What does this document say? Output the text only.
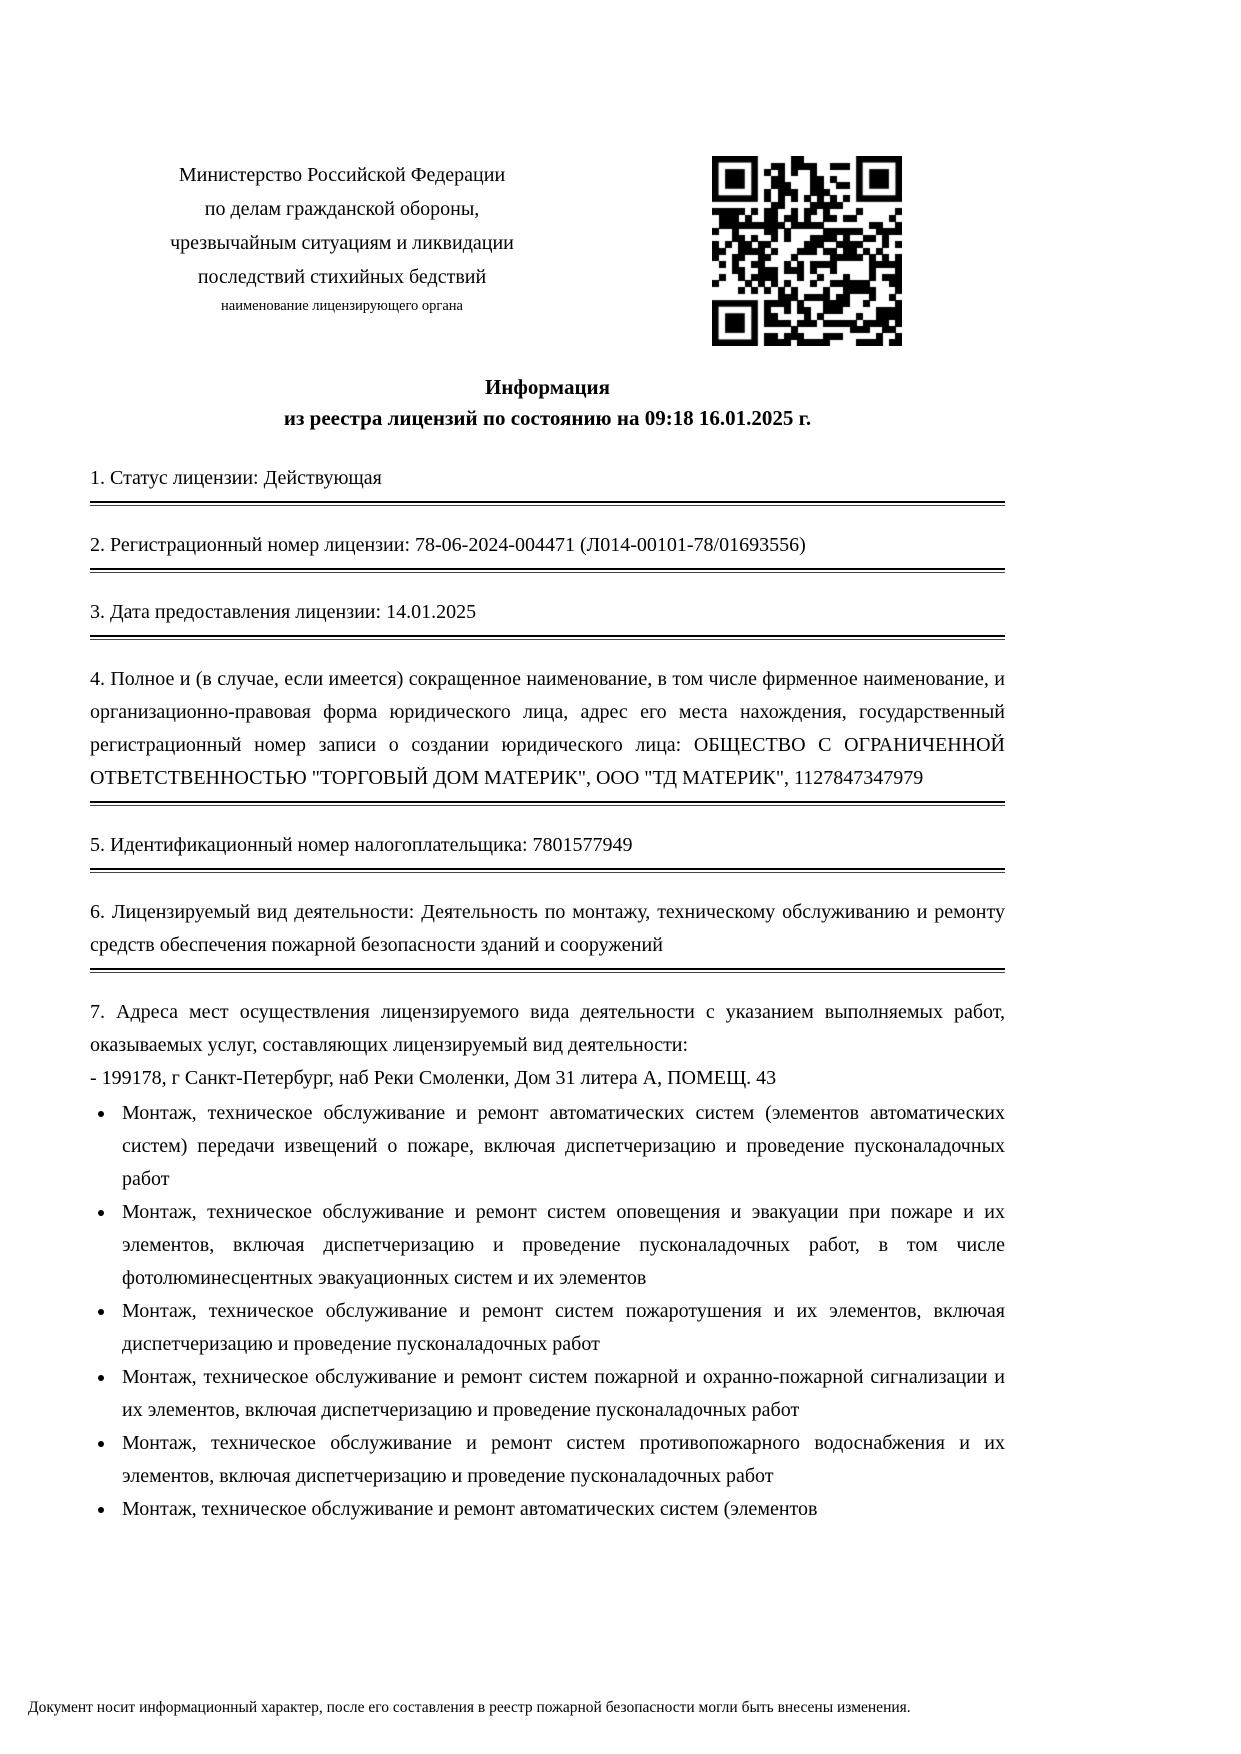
Министерство Российской Федерации
по делам гражданской обороны,
чрезвычайным ситуациям и ликвидации
последствий стихийных бедствий
наименование лицензирующего органа
Информация
из реестра лицензий по состоянию на 09:18 16.01.2025 г.

1. Статус лицензии: Действующая

2. Регистрационный номер лицензии: 78-06-2024-004471 (Л014-00101-78/01693556)

3. Дата предоставления лицензии: 14.01.2025

4. Полное и (в случае, если имеется) сокращенное наименование, в том числе фирменное наименование, и организационно-правовая форма юридического лица, адрес его места нахождения, государственный регистрационный номер записи о создании юридического лица: ОБЩЕСТВО С ОГРАНИЧЕННОЙ ОТВЕТСТВЕННОСТЬЮ "ТОРГОВЫЙ ДОМ МАТЕРИК", ООО "ТД МАТЕРИК", 1127847347979

5. Идентификационный номер налогоплательщика: 7801577949

6. Лицензируемый вид деятельности: Деятельность по монтажу, техническому обслуживанию и ремонту средств обеспечения пожарной безопасности зданий и сооружений

7. Адреса мест осуществления лицензируемого вида деятельности с указанием выполняемых работ, оказываемых услуг, составляющих лицензируемый вид деятельности:

- 199178, г Санкт-Петербург, наб Реки Смоленки, Дом 31 литера А, ПОМЕЩ. 43

• Монтаж, техническое обслуживание и ремонт автоматических систем (элементов автоматических систем) передачи извещений о пожаре, включая диспетчеризацию и проведение пусконаладочных работ
• Монтаж, техническое обслуживание и ремонт систем оповещения и эвакуации при пожаре и их элементов, включая диспетчеризацию и проведение пусконаладочных работ, в том числе фотолюминесцентных эвакуационных систем и их элементов
• Монтаж, техническое обслуживание и ремонт систем пожаротушения и их элементов, включая диспетчеризацию и проведение пусконаладочных работ
• Монтаж, техническое обслуживание и ремонт систем пожарной и охранно-пожарной сигнализации и их элементов, включая диспетчеризацию и проведение пусконаладочных работ
• Монтаж, техническое обслуживание и ремонт систем противопожарного водоснабжения и их элементов, включая диспетчеризацию и проведение пусконаладочных работ
• Монтаж, техническое обслуживание и ремонт автоматических систем (элементов
Документ носит информационный характер, после его составления в реестр пожарной безопасности могли быть внесены изменения.
